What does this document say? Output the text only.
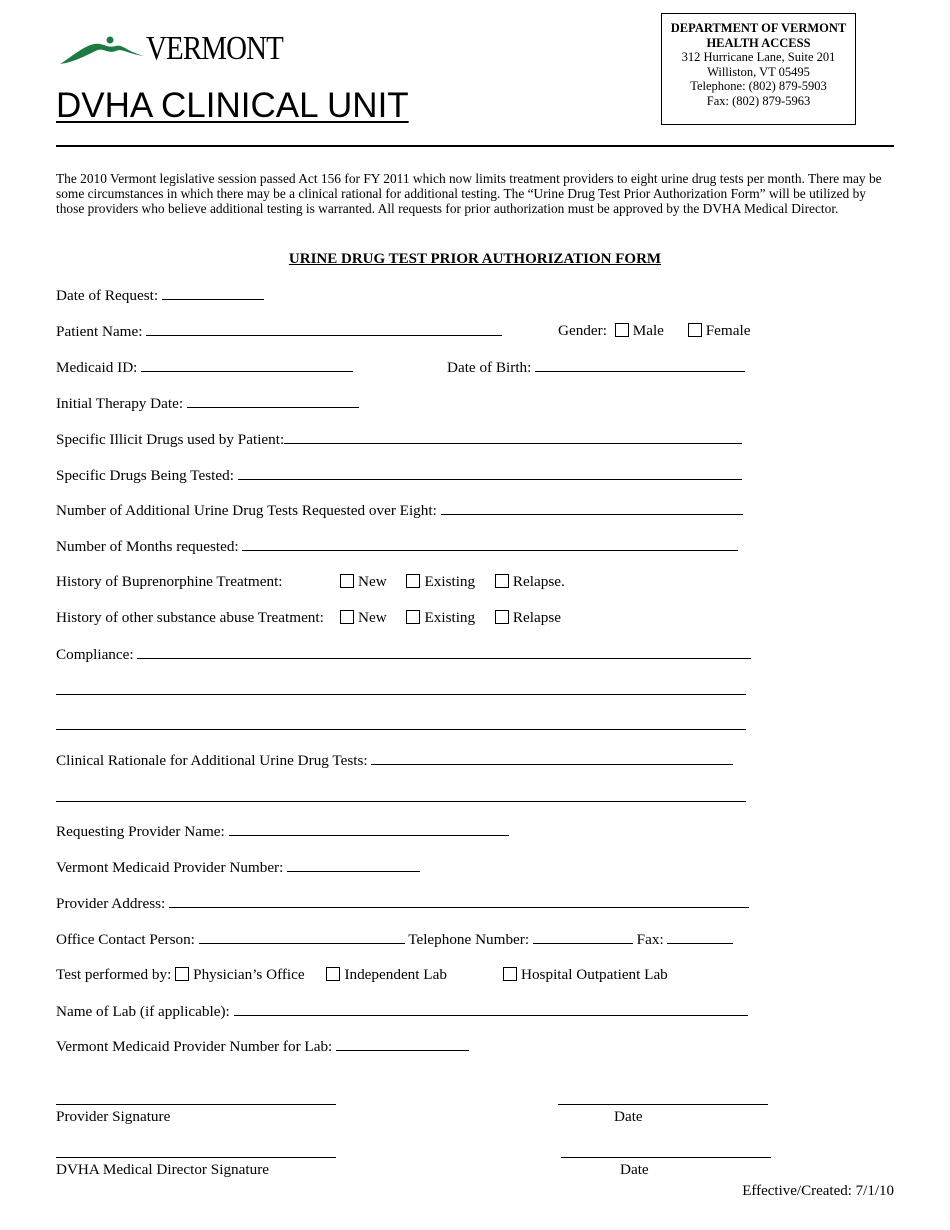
VERMONT
DVHA CLINICAL UNIT
DEPARTMENT OF VERMONT HEALTH ACCESS
312 Hurricane Lane, Suite 201
Williston, VT 05495
Telephone: (802) 879-5903
Fax: (802) 879-5963
The 2010 Vermont legislative session passed Act 156 for FY 2011 which now limits treatment providers to eight urine drug tests per month. There may be some circumstances in which there may be a clinical rational for additional testing. The “Urine Drug Test Prior Authorization Form” will be utilized by those providers who believe additional testing is warranted. All requests for prior authorization must be approved by the DVHA Medical Director.
URINE DRUG TEST PRIOR AUTHORIZATION FORM
Date of Request:
Patient Name:	Gender: Male	Female
Medicaid ID:	Date of Birth:
Initial Therapy Date:
Specific Illicit Drugs used by Patient:
Specific Drugs Being Tested:
Number of Additional Urine Drug Tests Requested over Eight:
Number of Months requested:
History of Buprenorphine Treatment:	New Existing Relapse.
History of other substance abuse Treatment:	New Existing Relapse
Compliance:
Clinical Rationale for Additional Urine Drug Tests:
Requesting Provider Name:
Vermont Medicaid Provider Number:
Provider Address:
Office Contact Person:	Telephone Number:	Fax:
Test performed by: Physician’s Office	Independent Lab	Hospital Outpatient Lab
Name of Lab (if applicable):
Vermont Medicaid Provider Number for Lab:
Provider Signature	Date
DVHA Medical Director Signature	Date
Effective/Created: 7/1/10
